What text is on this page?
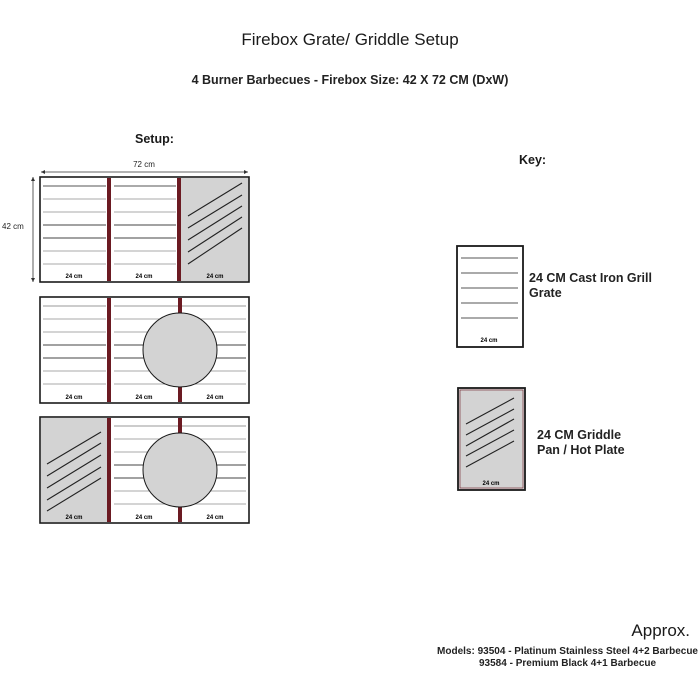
Firebox Grate/ Griddle Setup
4 Burner Barbecues - Firebox Size: 42 X 72 CM (DxW)
Setup:
Key:
72 cm
42 cm
24 cm	24 cm	24 cm
24 cm	24 cm	24 cm
24 cm	24 cm	24 cm
24 cm
24 cm
24 CM Cast Iron Grill
Grate
24 CM Griddle
Pan / Hot Plate
Approx.
Models: 93504 - Platinum Stainless Steel 4+2 Barbecue
93584 - Premium Black 4+1 Barbecue
